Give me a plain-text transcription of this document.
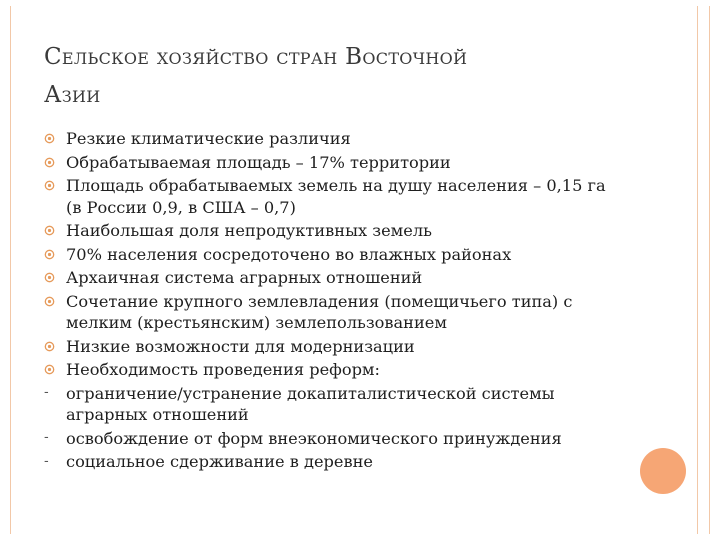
Сельское хозяйство стран Восточной
Азии
Резкие климатические различия
Обрабатываемая площадь – 17% территории
Площадь обрабатываемых земель на душу населения – 0,15 га (в России 0,9, в США – 0,7)
Наибольшая доля непродуктивных земель
70% населения сосредоточено во влажных районах
Архаичная система аграрных отношений
Сочетание крупного землевладения (помещичьего типа) с мелким (крестьянским) землепользованием
Низкие возможности для модернизации
Необходимость проведения реформ:
- ограничение/устранение докапиталистической системы аграрных отношений
- освобождение от форм внеэкономического принуждения
- социальное сдерживание в деревне
